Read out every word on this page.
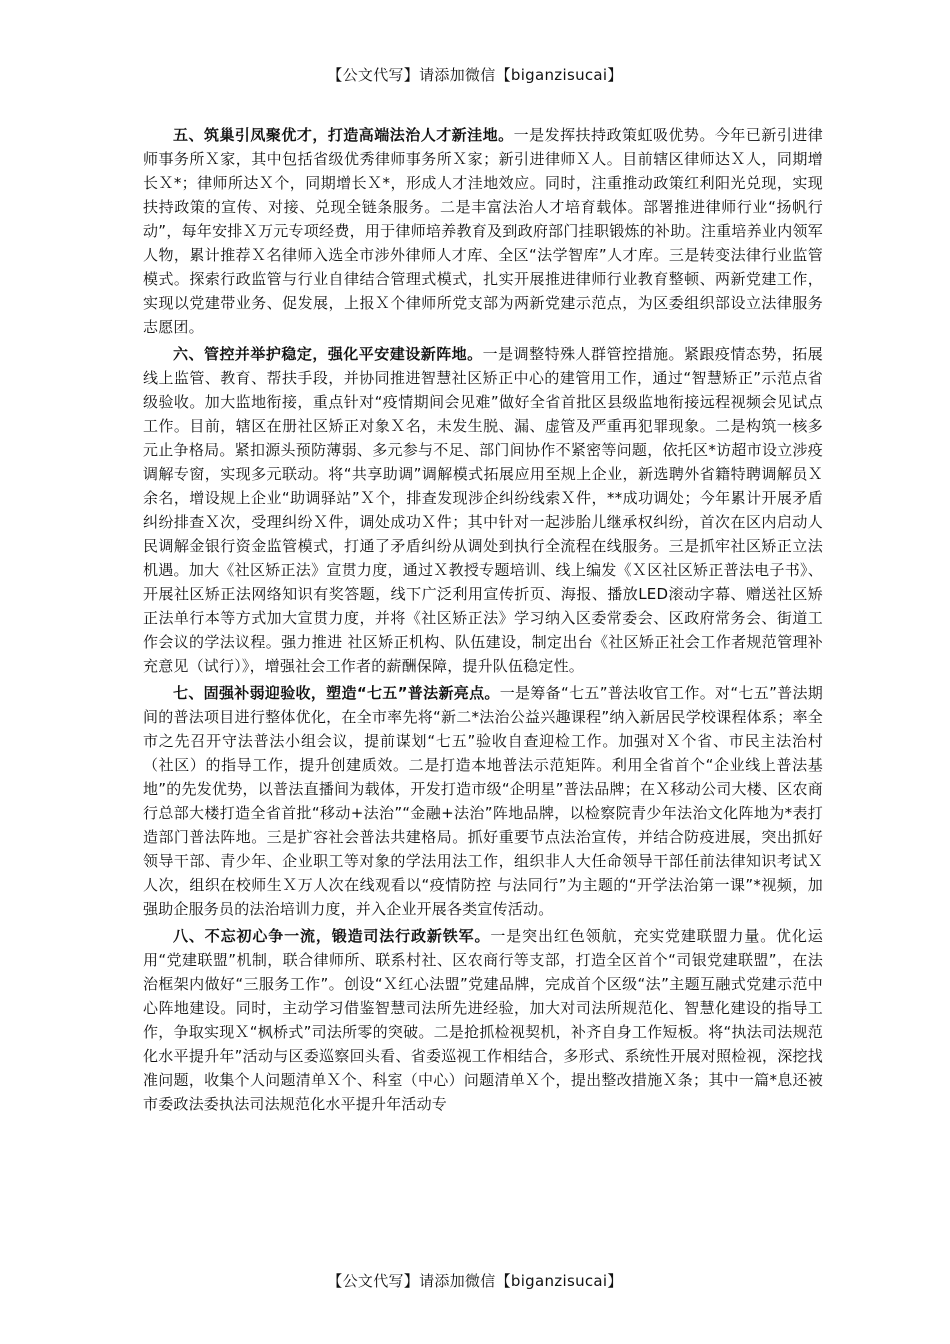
【公文代写】请添加微信【biganzisucai】

五、筑巢引凤聚优才，打造高端法治人才新洼地。一是发挥扶持政策虹吸优势。今年已新引进律师事务所Ｘ家，其中包括省级优秀律师事务所Ｘ家；新引进律师Ｘ人。目前辖区律师达Ｘ人，同期增长Ｘ*；律师所达Ｘ个，同期增长Ｘ*，形成人才洼地效应。同时，注重推动政策红利阳光兑现，实现扶持政策的宣传、对接、兑现全链条服务。二是丰富法治人才培育载体。部署推进律师行业“扬帆行动”，每年安排Ｘ万元专项经费，用于律师培养教育及到政府部门挂职锻炼的补助。注重培养业内领军人物，累计推荐Ｘ名律师入选全市涉外律师人才库、全区“法学智库”人才库。三是转变法律行业监管模式。探索行政监管与行业自律结合管理式模式，扎实开展推进律师行业教育整顿、两新党建工作，实现以党建带业务、促发展，上报Ｘ个律师所党支部为两新党建示范点，为区委组织部设立法律服务志愿团。

六、管控并举护稳定，强化平安建设新阵地。一是调整特殊人群管控措施。紧跟疫情态势，拓展线上监管、教育、帮扶手段，并协同推进智慧社区矫正中心的建管用工作，通过“智慧矫正”示范点省级验收。加大监地衔接，重点针对“疫情期间会见难”做好全省首批区县级监地衔接远程视频会见试点工作。目前，辖区在册社区矫正对象Ｘ名，未发生脱、漏、虚管及严重再犯罪现象。二是构筑一核多元止争格局。紧扣源头预防薄弱、多元参与不足、部门间协作不紧密等问题，依托区*访超市设立涉疫调解专窗，实现多元联动。将“共享助调”调解模式拓展应用至规上企业，新选聘外省籍特聘调解员Ｘ余名，增设规上企业“助调驿站”Ｘ个，排查发现涉企纠纷线索Ｘ件，**成功调处；今年累计开展矛盾纠纷排查Ｘ次，受理纠纷Ｘ件，调处成功Ｘ件；其中针对一起涉胎儿继承权纠纷，首次在区内启动人民调解金银行资金监管模式，打通了矛盾纠纷从调处到执行全流程在线服务。三是抓牢社区矫正立法机遇。加大《社区矫正法》宣贯力度，通过Ｘ教授专题培训、线上编发《Ｘ区社区矫正普法电子书》、开展社区矫正法网络知识有奖答题，线下广泛利用宣传折页、海报、播放LED滚动字幕、赠送社区矫正法单行本等方式加大宣贯力度，并将《社区矫正法》学习纳入区委常委会、区政府常务会、街道工作会议的学法议程。强力推进 社区矫正机构、队伍建设，制定出台《社区矫正社会工作者规范管理补充意见（试行）》，增强社会工作者的薪酬保障，提升队伍稳定性。

七、固强补弱迎验收，塑造“七五”普法新亮点。一是筹备“七五”普法收官工作。对“七五”普法期间的普法项目进行整体优化，在全市率先将“新二*法治公益兴趣课程”纳入新居民学校课程体系；率全市之先召开守法普法小组会议，提前谋划“七五”验收自查迎检工作。加强对Ｘ个省、市民主法治村（社区）的指导工作，提升创建质效。二是打造本地普法示范矩阵。利用全省首个“企业线上普法基地”的先发优势，以普法直播间为载体，开发打造市级“企明星”普法品牌；在Ｘ移动公司大楼、区农商行总部大楼打造全省首批“移动+法治”“金融+法治”阵地品牌，以检察院青少年法治文化阵地为*表打造部门普法阵地。三是扩容社会普法共建格局。抓好重要节点法治宣传，并结合防疫进展，突出抓好领导干部、青少年、企业职工等对象的学法用法工作，组织非人大任命领导干部任前法律知识考试Ｘ人次，组织在校师生Ｘ万人次在线观看以“疫情防控 与法同行”为主题的“开学法治第一课”*视频，加强助企服务员的法治培训力度，并入企业开展各类宣传活动。

八、不忘初心争一流，锻造司法行政新铁军。一是突出红色领航，充实党建联盟力量。优化运用“党建联盟”机制，联合律师所、联系村社、区农商行等支部，打造全区首个“司银党建联盟”，在法治框架内做好“三服务工作”。创设“Ｘ红心法盟”党建品牌，完成首个区级“法”主题互融式党建示范中心阵地建设。同时，主动学习借鉴智慧司法所先进经验，加大对司法所规范化、智慧化建设的指导工作，争取实现Ｘ“枫桥式”司法所零的突破。二是抢抓检视契机，补齐自身工作短板。将“执法司法规范化水平提升年”活动与区委巡察回头看、省委巡视工作相结合，多形式、系统性开展对照检视，深挖找准问题，收集个人问题清单Ｘ个、科室（中心）问题清单Ｘ个，提出整改措施Ｘ条；其中一篇*息还被市委政法委执法司法规范化水平提升年活动专

【公文代写】请添加微信【biganzisucai】
